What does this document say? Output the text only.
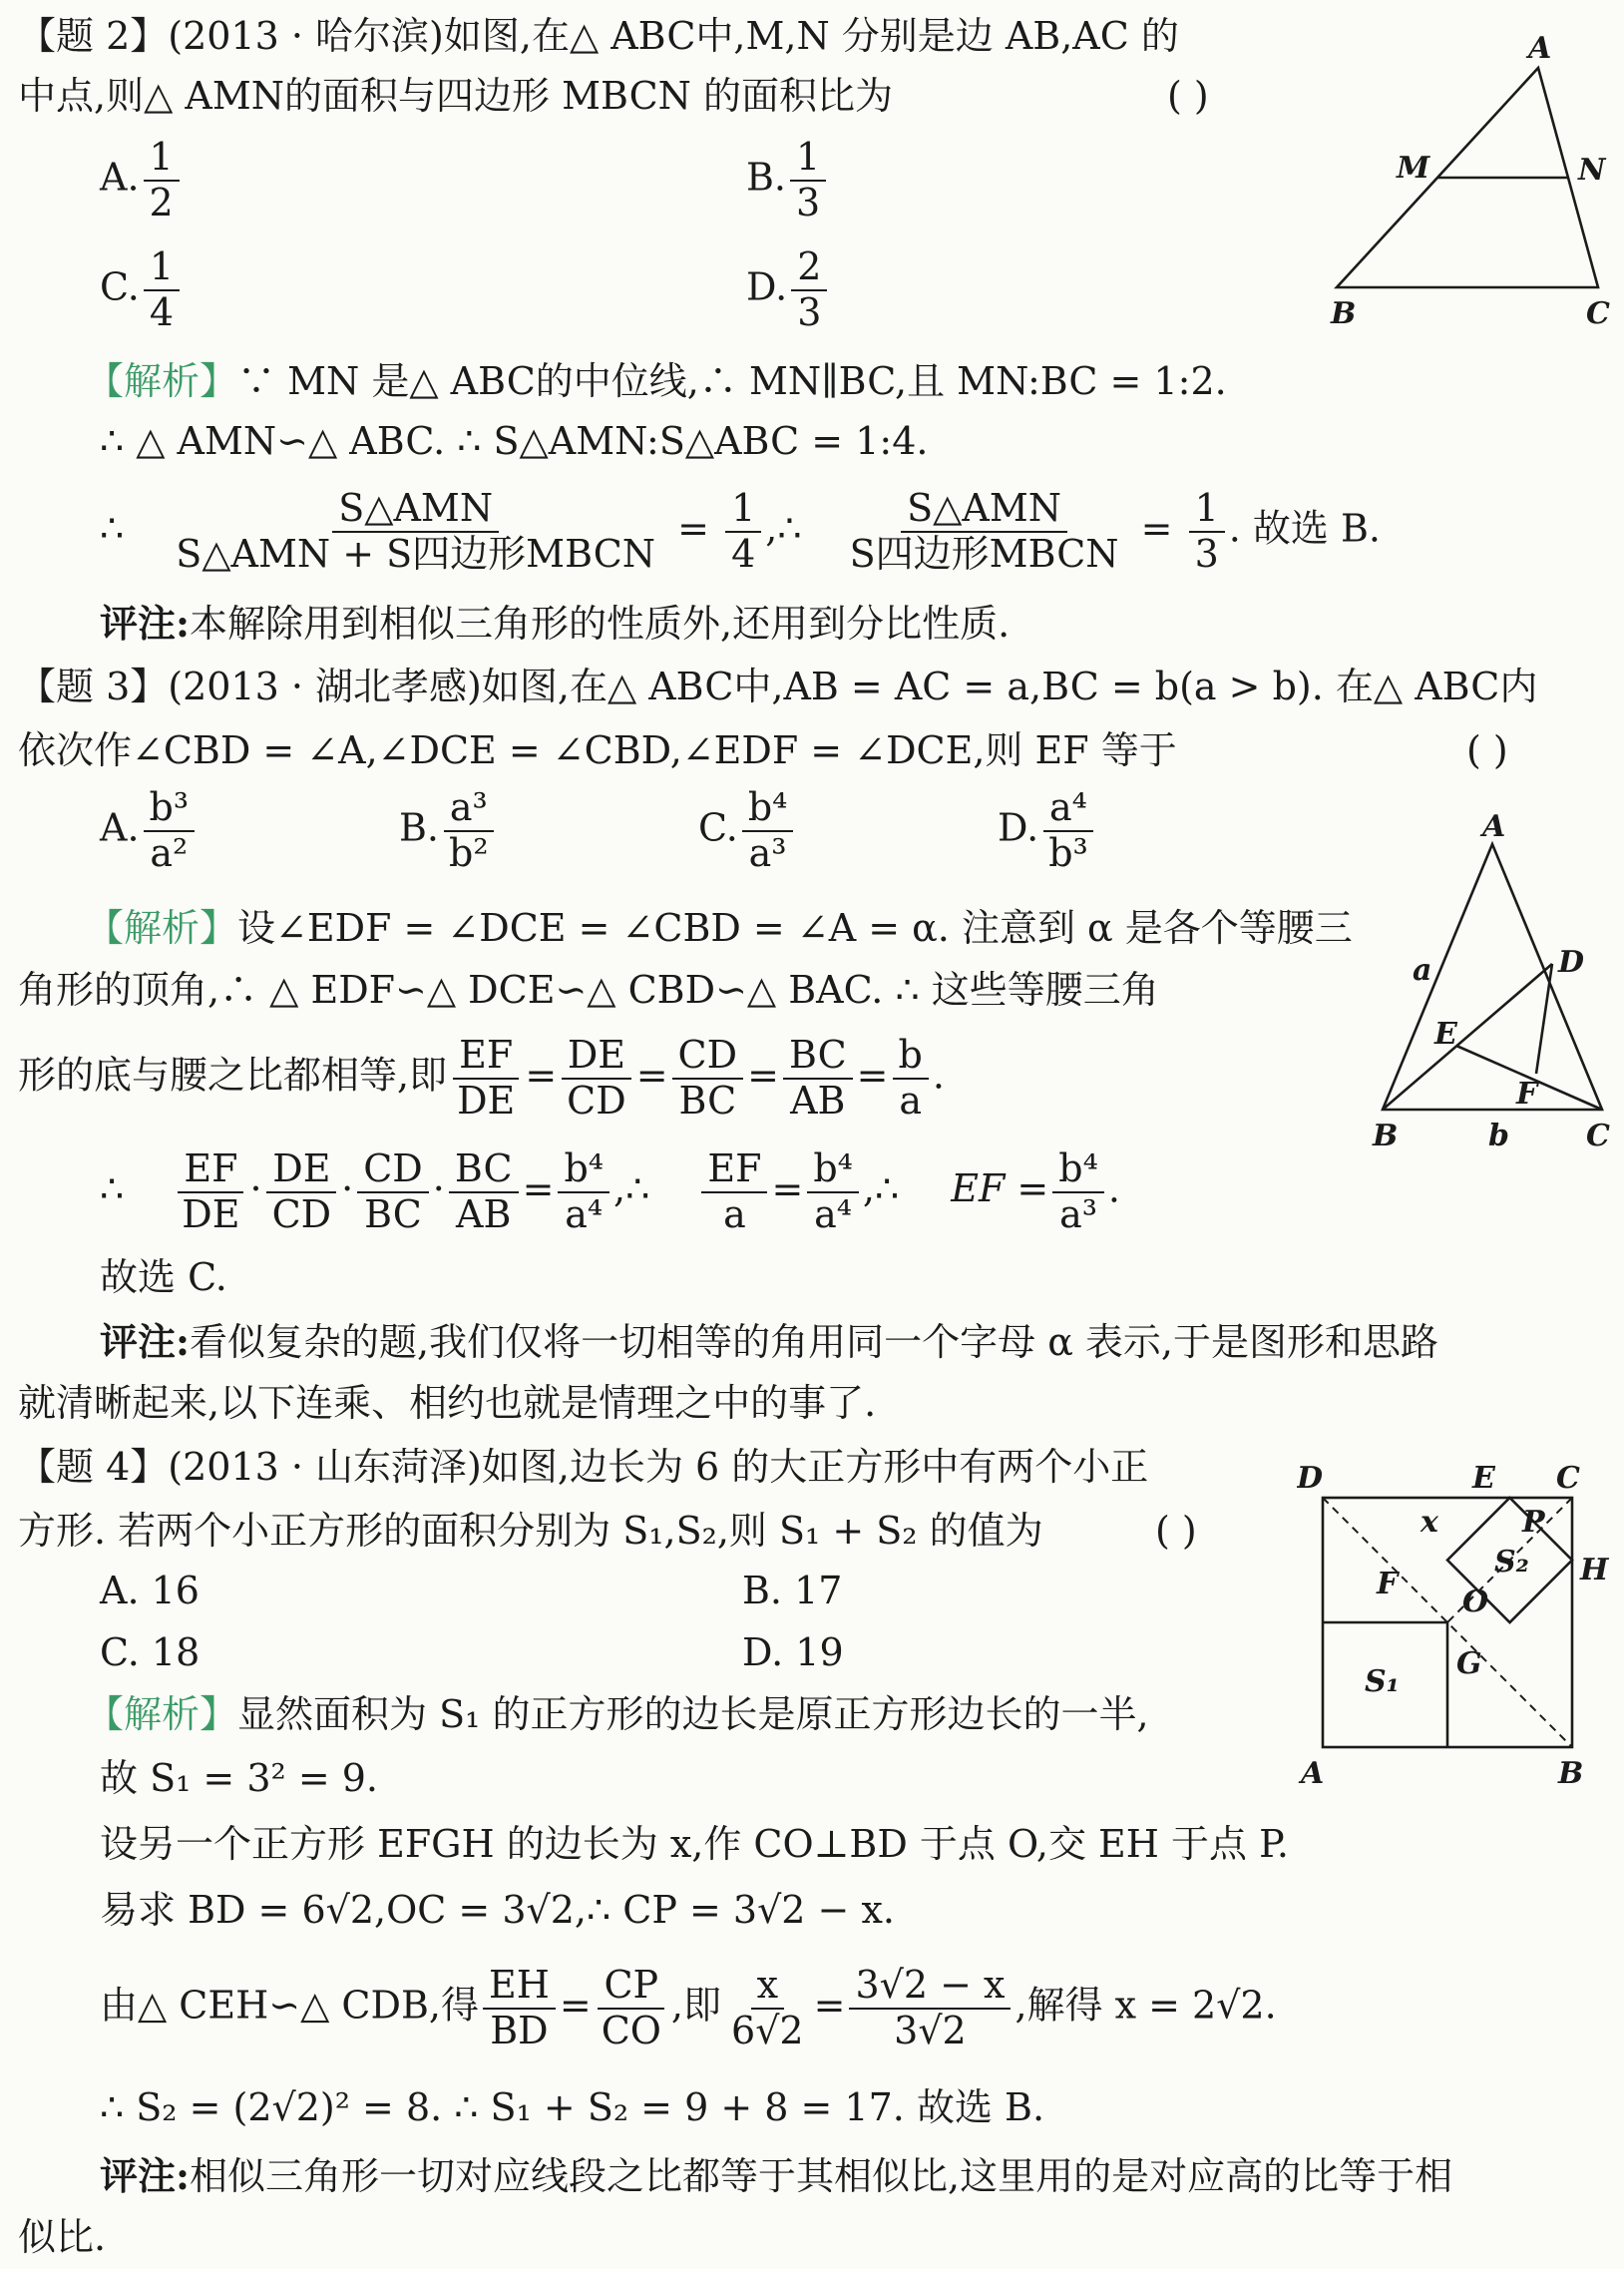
【题 2】(2013 · 哈尔滨)如图,在△ ABC中,M,N 分别是边 AB,AC 的
中点,则△ AMN的面积与四边形 MBCN 的面积比为	( )
A. $\frac{1}{2}$	B. $\frac{1}{3}$
C. $\frac{1}{4}$	D. $\frac{2}{3}$
A
M	N
B	C
【解析】∵ MN 是△ ABC的中位线,∴ MN∥BC,且 MN:BC = 1:2.
∴ △ AMN∽△ ABC. ∴ S△AMN:S△ABC = 1:4.
∴ $\frac{\text{S△AMN}}{\text{S△AMN + S四边形MBCN}} = \frac{1}{4}$ ,∴ $\frac{\text{S△AMN}}{\text{S四边形MBCN}} = \frac{1}{3}$ . 故选 B.
评注:本解除用到相似三角形的性质外,还用到分比性质.
【题 3】(2013 · 湖北孝感)如图,在△ ABC中,AB = AC = a,BC = b(a > b). 在△ ABC内
依次作∠CBD = ∠A,∠DCE = ∠CBD,∠EDF = ∠DCE,则 EF 等于	( )
A. $\frac{\text{b³}}{\text{a²}}$	B. $\frac{\text{a³}}{\text{b²}}$	C. $\frac{\text{b⁴}}{\text{a³}}$	D. $\frac{\text{a⁴}}{\text{b³}}$	A
D
a
E
F
B	b	C
【解析】设∠EDF = ∠DCE = ∠CBD = ∠A = α. 注意到 α 是各个等腰三
角形的顶角,∴ △ EDF∽△ DCE∽△ CBD∽△ BAC. ∴ 这些等腰三角
形的底与腰之比都相等,即 $\frac{EF}{DE} = \frac{DE}{CD} = \frac{CD}{BC} = \frac{BC}{AB} = \frac{b}{a}$ .
∴ $\frac{EF}{DE} \cdot \frac{DE}{CD} \cdot \frac{CD}{BC} \cdot \frac{BC}{AB} = \frac{\text{b⁴}}{\text{a⁴}}$ ,∴ $\frac{EF}{a} = \frac{\text{b⁴}}{\text{a⁴}}$ ,∴ EF = $\frac{\text{b⁴}}{\text{a³}}$ .
故选 C.
评注:看似复杂的题,我们仅将一切相等的角用同一个字母 α 表示,于是图形和思路
就清晰起来,以下连乘、相约也就是情理之中的事了.
【题 4】(2013 · 山东菏泽)如图,边长为 6 的大正方形中有两个小正
方形. 若两个小正方形的面积分别为 S₁,S₂,则 S₁ + S₂ 的值为	( )
A. 16	B. 17
C. 18	D. 19
D	E C
x	P
S₂ H
F
O
G
S₁
A	B
【解析】显然面积为 S₁ 的正方形的边长是原正方形边长的一半,
故 S₁ = 3² = 9.
设另一个正方形 EFGH 的边长为 x,作 CO⊥BD 于点 O,交 EH 于点 P.
易求 BD = 6√2,OC = 3√2,∴ CP = 3√2 − x.
由△ CEH∽△ CDB,得 $\frac{EH}{BD} = \frac{CP}{CO}$ ,即 $\frac{x}{6√2} = \frac{3√2 - x}{3√2}$ ,解得 x = 2√2.
∴ S₂ = (2√2)² = 8. ∴ S₁ + S₂ = 9 + 8 = 17. 故选 B.
评注:相似三角形一切对应线段之比都等于其相似比,这里用的是对应高的比等于相
似比.
